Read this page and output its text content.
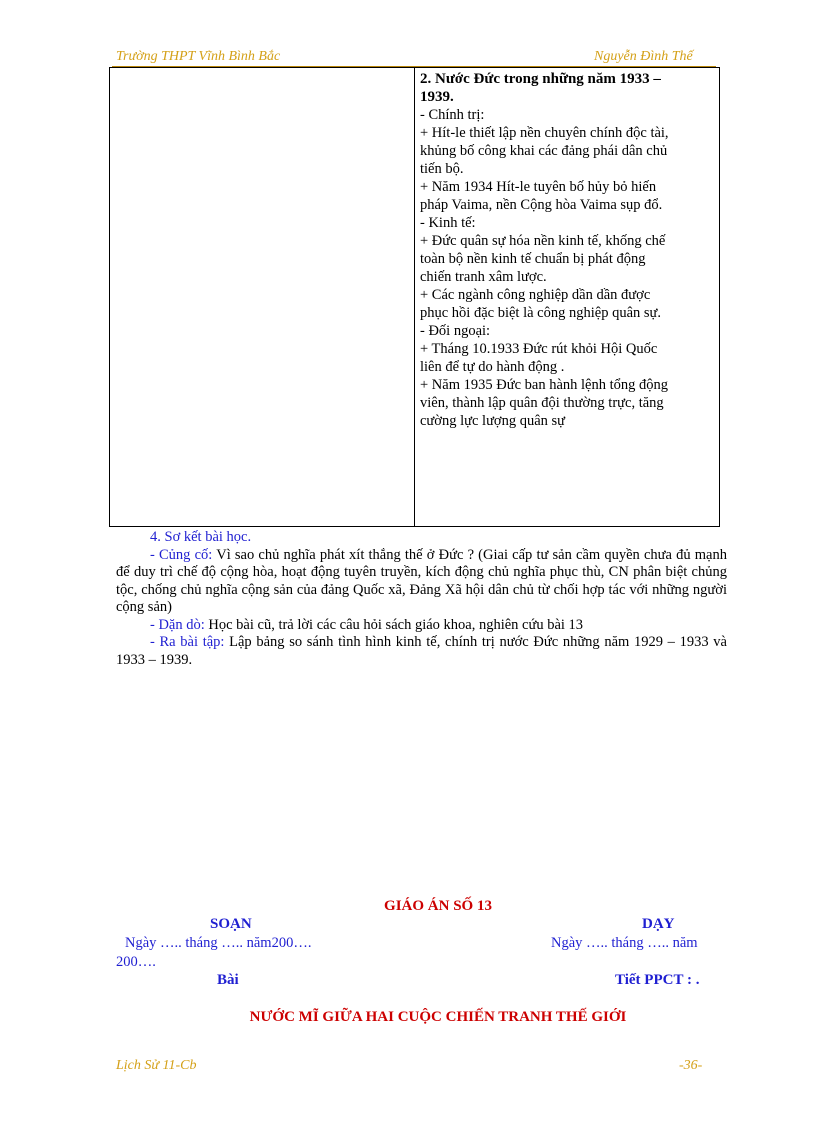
Trường THPT Vĩnh Bình Bắc	Nguyễn Đình Thế
2. Nước Đức trong những năm 1933 –
1939.
- Chính trị:
+ Hít-le thiết lập nền chuyên chính độc tài,
khủng bố công khai các đảng phái dân chủ
tiến bộ.
+ Năm 1934 Hít-le tuyên bố hủy bỏ hiến
pháp Vaima, nền Cộng hòa Vaima sụp đổ.
- Kinh tế:
+ Đức quân sự hóa nền kinh tế, khống chế
toàn bộ nền kinh tế chuẩn bị phát động
chiến tranh xâm lược.
+ Các ngành công nghiệp dần dần được
phục hồi đặc biệt là công nghiệp quân sự.
- Đối ngoại:
+ Tháng 10.1933 Đức rút khỏi Hội Quốc
liên để tự do hành động .
+ Năm 1935 Đức ban hành lệnh tổng động
viên, thành lập quân đội thường trực, tăng
cường lực lượng quân sự
4. Sơ kết bài học.
- Củng cố: Vì sao chủ nghĩa phát xít thắng thế ở Đức ? (Giai cấp tư sản cầm quyền chưa đủ mạnh để duy trì chế độ cộng hòa, hoạt động tuyên truyền, kích động chủ nghĩa phục thù, CN phân biệt chủng tộc, chống chủ nghĩa cộng sản của đảng Quốc xã, Đảng Xã hội dân chủ từ chối hợp tác với những người cộng sản)
- Dặn dò: Học bài cũ, trả lời các câu hỏi sách giáo khoa, nghiên cứu bài 13
- Ra bài tập: Lập bảng so sánh tình hình kinh tế, chính trị nước Đức những năm 1929 – 1933 và 1933 – 1939.
GIÁO ÁN SỐ 13
SOẠN	DẠY
Ngày ….. tháng ….. năm200….	Ngày ….. tháng ….. năm
200….
Bài	Tiết PPCT : .
NƯỚC MĨ GIỮA HAI CUỘC CHIẾN TRANH THẾ GIỚI
Lịch Sử 11-Cb	-36-
